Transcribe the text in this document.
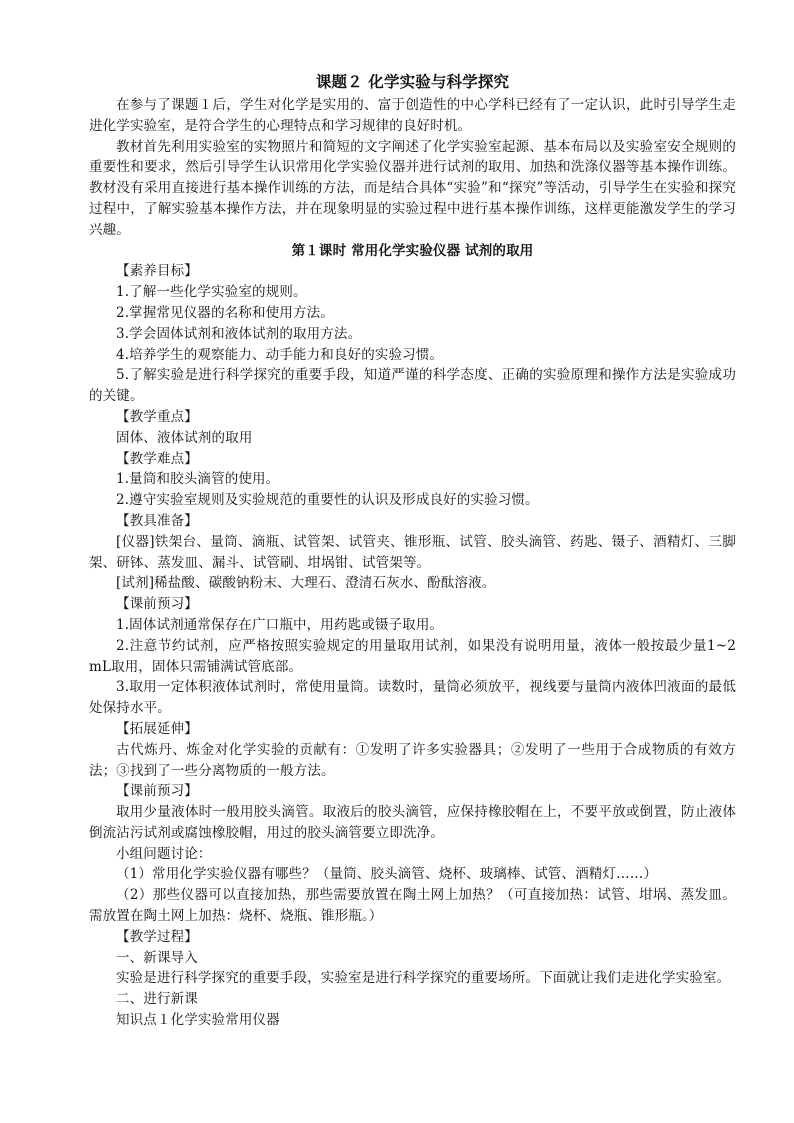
课题２ 化学实验与科学探究

在参与了课题１后，学生对化学是实用的、富于创造性的中心学科已经有了一定认识，此时引导学生走进化学实验室，是符合学生的心理特点和学习规律的良好时机。

教材首先利用实验室的实物照片和简短的文字阐述了化学实验室起源、基本布局以及实验室安全规则的重要性和要求，然后引导学生认识常用化学实验仪器并进行试剂的取用、加热和洗涤仪器等基本操作训练。教材没有采用直接进行基本操作训练的方法，而是结合具体“实验”和“探究”等活动，引导学生在实验和探究过程中，了解实验基本操作方法，并在现象明显的实验过程中进行基本操作训练，这样更能激发学生的学习兴趣。

第１课时 常用化学实验仪器 试剂的取用

【素养目标】

1.了解一些化学实验室的规则。

2.掌握常见仪器的名称和使用方法。

3.学会固体试剂和液体试剂的取用方法。

4.培养学生的观察能力、动手能力和良好的实验习惯。

5.了解实验是进行科学探究的重要手段，知道严谨的科学态度、正确的实验原理和操作方法是实验成功的关键。

【教学重点】

固体、液体试剂的取用

【教学难点】

1.量筒和胶头滴管的使用。

2.遵守实验室规则及实验规范的重要性的认识及形成良好的实验习惯。

【教具准备】

[仪器]铁架台、量筒、滴瓶、试管架、试管夹、锥形瓶、试管、胶头滴管、药匙、镊子、酒精灯、三脚架、研钵、蒸发皿、漏斗、试管刷、坩埚钳、试管架等。

[试剂]稀盐酸、碳酸钠粉末、大理石、澄清石灰水、酚酞溶液。

【课前预习】

1.固体试剂通常保存在广口瓶中，用药匙或镊子取用。

2.注意节约试剂，应严格按照实验规定的用量取用试剂，如果没有说明用量，液体一般按最少量1~2 mL取用，固体只需铺满试管底部。

3.取用一定体积液体试剂时，常使用量筒。读数时，量筒必须放平，视线要与量筒内液体凹液面的最低处保持水平。

【拓展延伸】

古代炼丹、炼金对化学实验的贡献有：①发明了许多实验器具；②发明了一些用于合成物质的有效方法；③找到了一些分离物质的一般方法。

【课前预习】

取用少量液体时一般用胶头滴管。取液后的胶头滴管，应保持橡胶帽在上，不要平放或倒置，防止液体倒流沾污试剂或腐蚀橡胶帽，用过的胶头滴管要立即洗净。

小组问题讨论：

（1）常用化学实验仪器有哪些？（量筒、胶头滴管、烧杯、玻璃棒、试管、酒精灯……）

（2）那些仪器可以直接加热，那些需要放置在陶土网上加热？（可直接加热：试管、坩埚、蒸发皿。需放置在陶土网上加热：烧杯、烧瓶、锥形瓶。）

【教学过程】

一、新课导入

实验是进行科学探究的重要手段，实验室是进行科学探究的重要场所。下面就让我们走进化学实验室。

二、进行新课

知识点１化学实验常用仪器
